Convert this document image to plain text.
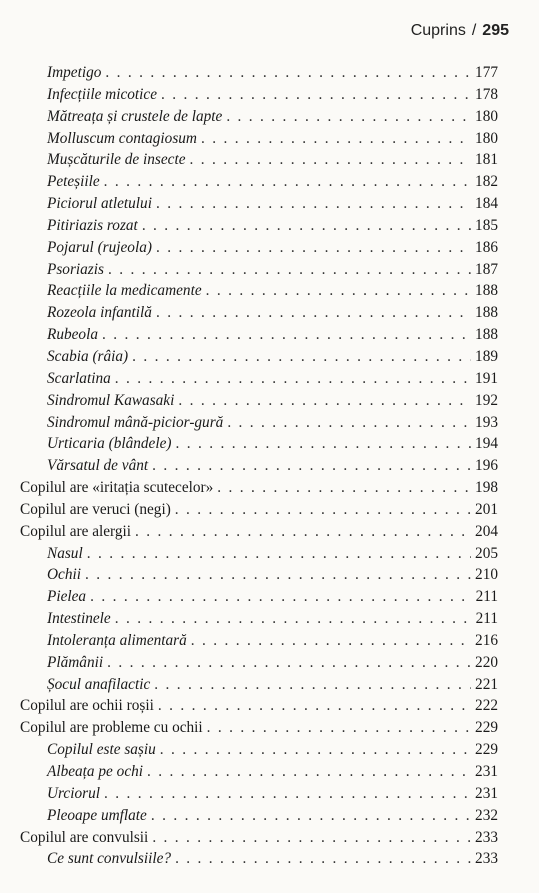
Cuprins / 295
Impetigo . . .	177
Infecțiile micotice . . .	178
Mătreața și crustele de lapte . . .	180
Molluscum contagiosum . . .	180
Mușcăturile de insecte . . .	181
Peteșiile . . .	182
Piciorul atletului . . .	184
Pitiriazis rozat . . .	185
Pojarul (rujeola) . . .	186
Psoriazis . . .	187
Reacțiile la medicamente . . .	188
Rozeola infantilă . . .	188
Rubeola . . .	188
Scabia (râia) . . .	189
Scarlatina . . .	191
Sindromul Kawasaki . . .	192
Sindromul mână-picior-gură . . .	193
Urticaria (blândele) . . .	194
Vărsatul de vânt . . .	196
Copilul are «iritația scutecelor» . . .	198
Copilul are veruci (negi) . . .	201
Copilul are alergii . . .	204
Nasul . . .	205
Ochii . . .	210
Pielea . . .	211
Intestinele . . .	211
Intoleranța alimentară . . .	216
Plămânii . . .	220
Șocul anafilactic . . .	221
Copilul are ochii roșii . . .	222
Copilul are probleme cu ochii . . .	229
Copilul este sașiu . . .	229
Albeața pe ochi . . .	231
Urciorul . . .	231
Pleoape umflate . . .	232
Copilul are convulsii . . .	233
Ce sunt convulsiile? . . .	233
